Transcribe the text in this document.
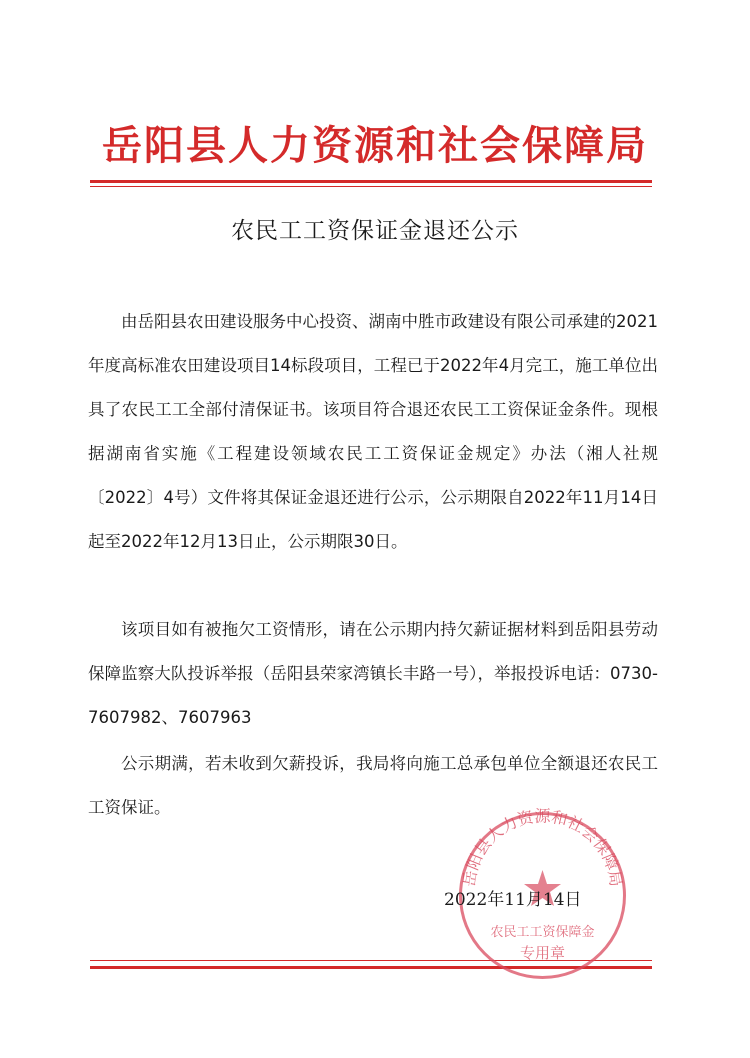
岳阳县人力资源和社会保障局
农民工工资保证金退还公示
由岳阳县农田建设服务中心投资、湖南中胜市政建设有限公司承建的2021年度高标准农田建设项目14标段项目，工程已于2022年4月完工，施工单位出具了农民工工全部付清保证书。该项目符合退还农民工工资保证金条件。现根据湖南省实施《工程建设领域农民工工资保证金规定》办法（湘人社规〔2022〕4号）文件将其保证金退还进行公示，公示期限自2022年11月14日起至2022年12月13日止，公示期限30日。
该项目如有被拖欠工资情形，请在公示期内持欠薪证据材料到岳阳县劳动保障监察大队投诉举报（岳阳县荣家湾镇长丰路一号），举报投诉电话：0730-7607982、7607963
公示期满，若未收到欠薪投诉，我局将向施工总承包单位全额退还农民工工资保证。
农民工工资保障金
专用章
岳阳县人力资源和社会保障局
2022年11月14日
